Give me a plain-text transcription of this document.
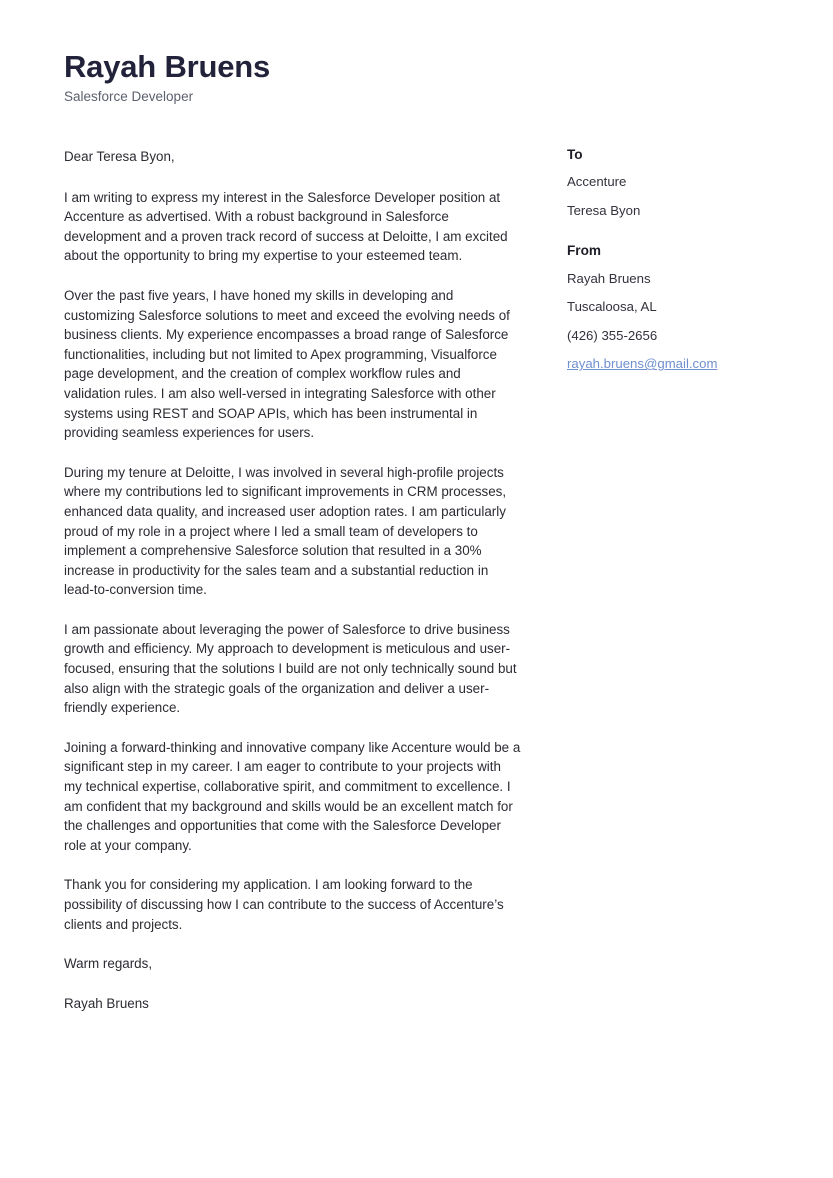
Rayah Bruens

Salesforce Developer

Dear Teresa Byon,

I am writing to express my interest in the Salesforce Developer position at Accenture as advertised. With a robust background in Salesforce development and a proven track record of success at Deloitte, I am excited about the opportunity to bring my expertise to your esteemed team.

Over the past five years, I have honed my skills in developing and customizing Salesforce solutions to meet and exceed the evolving needs of business clients. My experience encompasses a broad range of Salesforce functionalities, including but not limited to Apex programming, Visualforce page development, and the creation of complex workflow rules and validation rules. I am also well-versed in integrating Salesforce with other systems using REST and SOAP APIs, which has been instrumental in providing seamless experiences for users.

During my tenure at Deloitte, I was involved in several high-profile projects where my contributions led to significant improvements in CRM processes, enhanced data quality, and increased user adoption rates. I am particularly proud of my role in a project where I led a small team of developers to implement a comprehensive Salesforce solution that resulted in a 30% increase in productivity for the sales team and a substantial reduction in lead-to-conversion time.

I am passionate about leveraging the power of Salesforce to drive business growth and efficiency. My approach to development is meticulous and user-focused, ensuring that the solutions I build are not only technically sound but also align with the strategic goals of the organization and deliver a user-friendly experience.

Joining a forward-thinking and innovative company like Accenture would be a significant step in my career. I am eager to contribute to your projects with my technical expertise, collaborative spirit, and commitment to excellence. I am confident that my background and skills would be an excellent match for the challenges and opportunities that come with the Salesforce Developer role at your company.

Thank you for considering my application. I am looking forward to the possibility of discussing how I can contribute to the success of Accenture’s clients and projects.

Warm regards,

Rayah Bruens

To

Accenture

Teresa Byon

From

Rayah Bruens

Tuscaloosa, AL

(426) 355-2656

rayah.bruens@gmail.com
